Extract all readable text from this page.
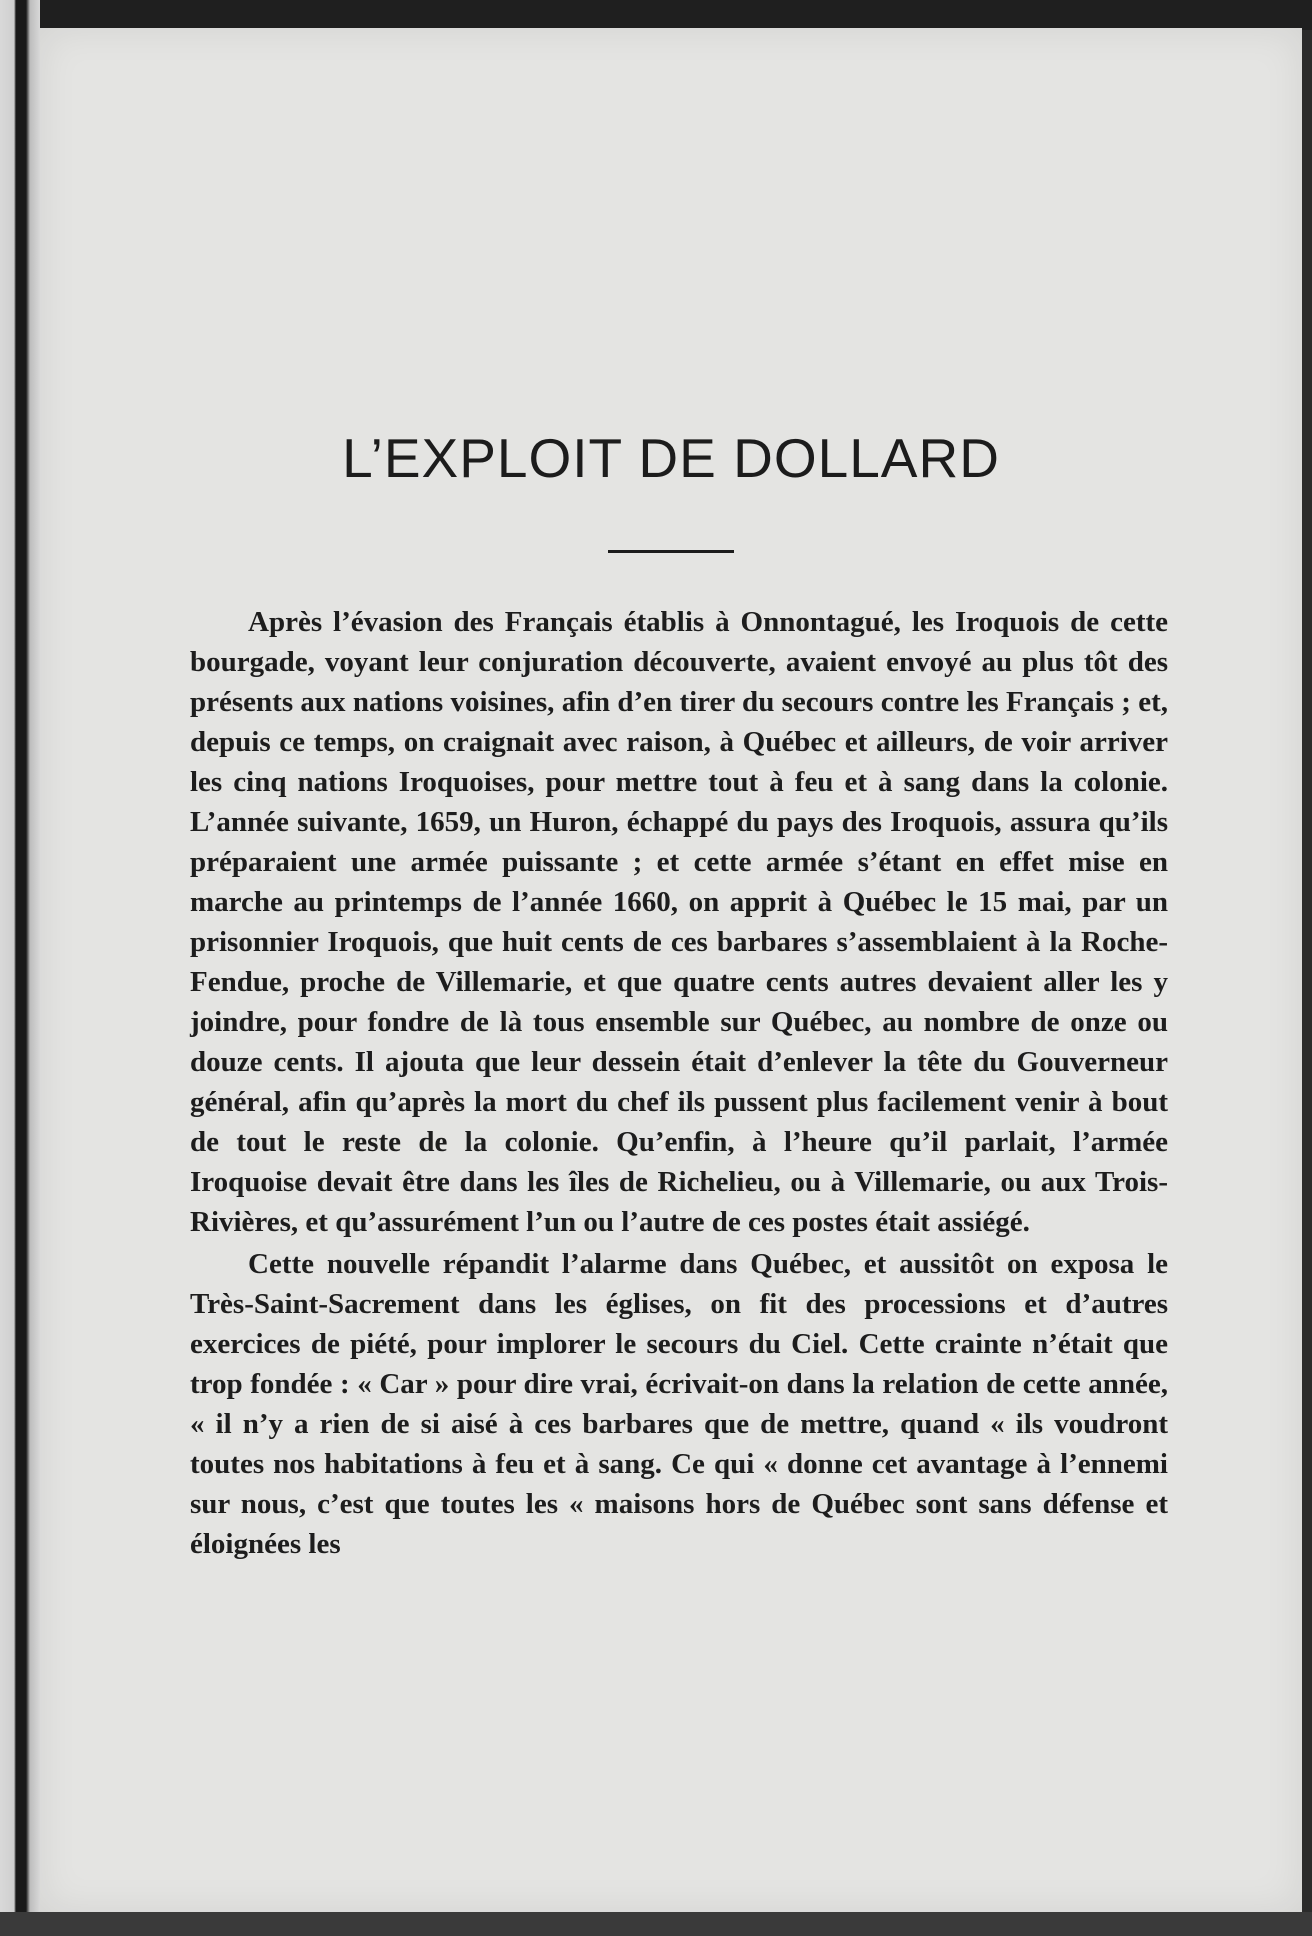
L’EXPLOIT DE DOLLARD

Après l’évasion des Français établis à Onnontagué, les Iroquois de cette bourgade, voyant leur conjuration découverte, avaient envoyé au plus tôt des présents aux nations voisines, afin d’en tirer du secours contre les Français ; et, depuis ce temps, on craignait avec raison, à Québec et ailleurs, de voir arriver les cinq nations Iroquoises, pour mettre tout à feu et à sang dans la colonie. L’année suivante, 1659, un Huron, échappé du pays des Iroquois, assura qu’ils préparaient une armée puissante ; et cette armée s’étant en effet mise en marche au printemps de l’année 1660, on apprit à Québec le 15 mai, par un prisonnier Iroquois, que huit cents de ces barbares s’assemblaient à la Roche-Fendue, proche de Villemarie, et que quatre cents autres devaient aller les y joindre, pour fondre de là tous ensemble sur Québec, au nombre de onze ou douze cents. Il ajouta que leur dessein était d’enlever la tête du Gouverneur général, afin qu’après la mort du chef ils pussent plus facilement venir à bout de tout le reste de la colonie. Qu’enfin, à l’heure qu’il parlait, l’armée Iroquoise devait être dans les îles de Richelieu, ou à Villemarie, ou aux Trois-Rivières, et qu’assurément l’un ou l’autre de ces postes était assiégé.

Cette nouvelle répandit l’alarme dans Québec, et aussitôt on exposa le Très-Saint-Sacrement dans les églises, on fit des processions et d’autres exercices de piété, pour implorer le secours du Ciel. Cette crainte n’était que trop fondée : « Car » pour dire vrai, écrivait-on dans la relation de cette année, « il n’y a rien de si aisé à ces barbares que de mettre, quand « ils voudront toutes nos habitations à feu et à sang. Ce qui « donne cet avantage à l’ennemi sur nous, c’est que toutes les « maisons hors de Québec sont sans défense et éloignées les
